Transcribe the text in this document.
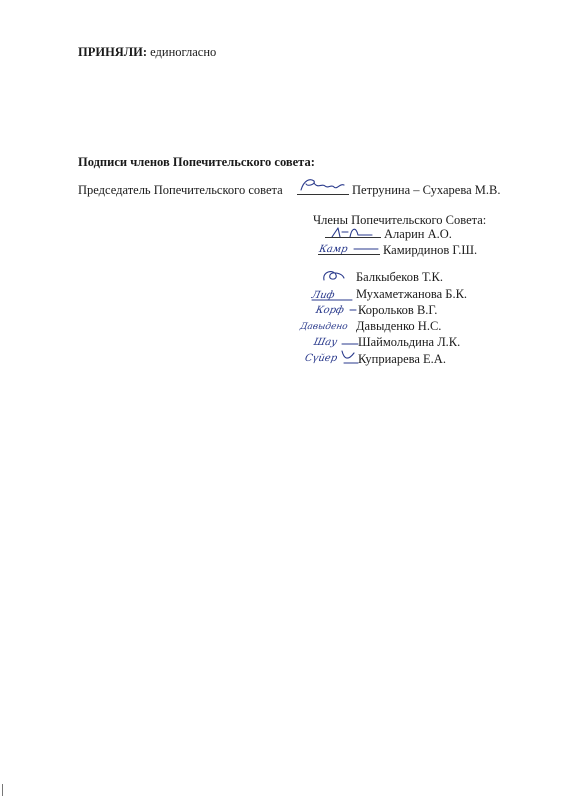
ПРИНЯЛИ: единогласно
Подписи членов Попечительского совета:
Председатель Попечительского совета	Петрунина – Сухарева М.В.
Члены Попечительского Совета:
Аларин А.О.
Камр	Камирдинов Г.Ш.
Балкыбеков Т.К.
Лиф Мухаметжанова Б.К.
Корф Корольков В.Г.
Давыдено Давыденко Н.С.
Шау Шаймольдина Л.К.
Сүйер Куприарева Е.А.
